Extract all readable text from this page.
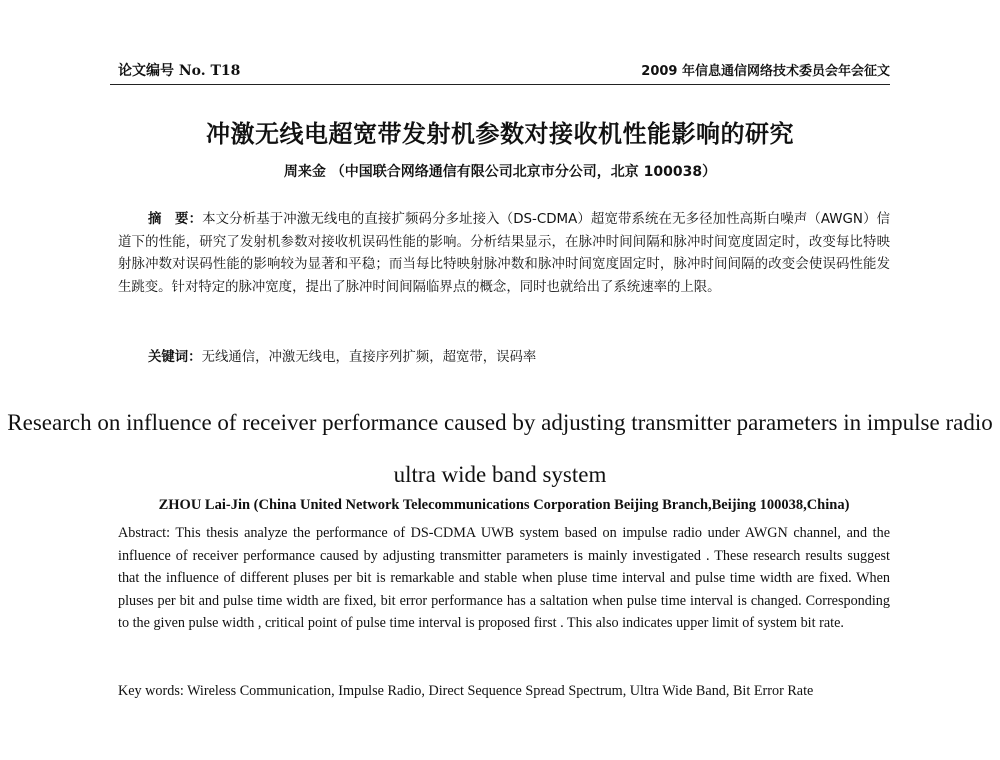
论文编号 No. T18	2009 年信息通信网络技术委员会年会征文
冲激无线电超宽带发射机参数对接收机性能影响的研究
周来金 （中国联合网络通信有限公司北京市分公司，北京 100038）
摘　要：本文分析基于冲激无线电的直接扩频码分多址接入（DS-CDMA）超宽带系统在无多径加性高斯白噪声（AWGN）信道下的性能，研究了发射机参数对接收机误码性能的影响。分析结果显示，在脉冲时间间隔和脉冲时间宽度固定时，改变每比特映射脉冲数对误码性能的影响较为显著和平稳；而当每比特映射脉冲数和脉冲时间宽度固定时，脉冲时间间隔的改变会使误码性能发生跳变。针对特定的脉冲宽度，提出了脉冲时间间隔临界点的概念，同时也就给出了系统速率的上限。
关键词：无线通信，冲激无线电，直接序列扩频，超宽带，误码率
Research on influence of receiver performance caused by adjusting transmitter parameters in impulse radio ultra wide band system
ZHOU Lai-Jin (China United Network Telecommunications Corporation Beijing Branch,Beijing 100038,China)
Abstract: This thesis analyze the performance of DS-CDMA UWB system based on impulse radio under AWGN channel, and the influence of receiver performance caused by adjusting transmitter parameters is mainly investigated . These research results suggest that the influence of different pluses per bit is remarkable and stable when pluse time interval and pulse time width are fixed. When pluses per bit and pulse time width are fixed, bit error performance has a saltation when pulse time interval is changed. Corresponding to the given pulse width , critical point of pulse time interval is proposed first . This also indicates upper limit of system bit rate.
Key words: Wireless Communication, Impulse Radio, Direct Sequence Spread Spectrum, Ultra Wide Band, Bit Error Rate
